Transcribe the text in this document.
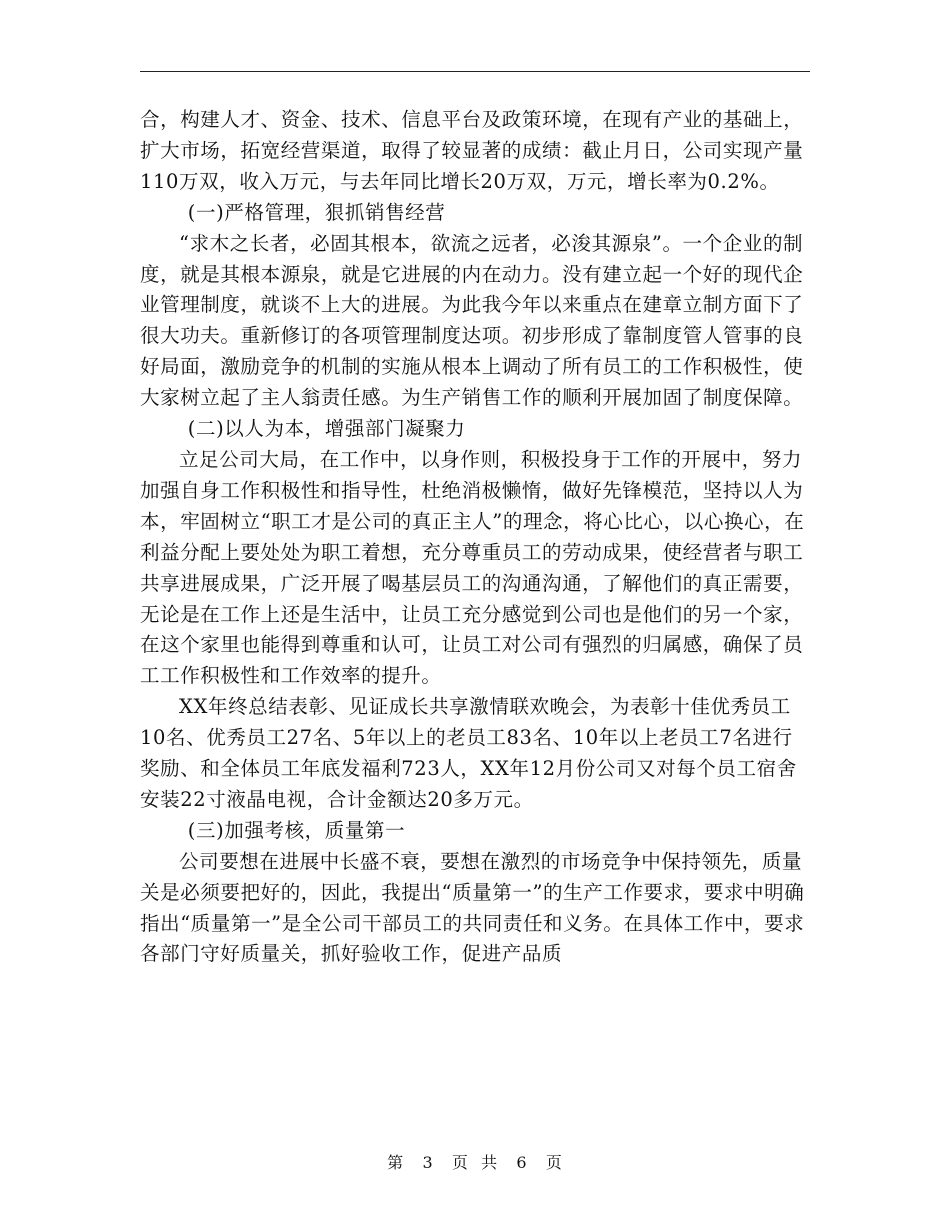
合，构建人才、资金、技术、信息平台及政策环境，在现有产业的基础上，扩大市场，拓宽经营渠道，取得了较显著的成绩：截止月日，公司实现产量110万双，收入万元，与去年同比增长20万双，万元，增长率为0.2%。

(一)严格管理，狠抓销售经营

“求木之长者，必固其根本，欲流之远者，必浚其源泉”。一个企业的制度，就是其根本源泉，就是它进展的内在动力。没有建立起一个好的现代企业管理制度，就谈不上大的进展。为此我今年以来重点在建章立制方面下了很大功夫。重新修订的各项管理制度达项。初步形成了靠制度管人管事的良好局面，激励竞争的机制的实施从根本上调动了所有员工的工作积极性，使大家树立起了主人翁责任感。为生产销售工作的顺利开展加固了制度保障。

(二)以人为本，增强部门凝聚力

立足公司大局，在工作中，以身作则，积极投身于工作的开展中，努力加强自身工作积极性和指导性，杜绝消极懒惰，做好先锋模范，坚持以人为本，牢固树立“职工才是公司的真正主人”的理念，将心比心，以心换心，在利益分配上要处处为职工着想，充分尊重员工的劳动成果，使经营者与职工共享进展成果，广泛开展了喝基层员工的沟通沟通，了解他们的真正需要，无论是在工作上还是生活中，让员工充分感觉到公司也是他们的另一个家，在这个家里也能得到尊重和认可，让员工对公司有强烈的归属感，确保了员工工作积极性和工作效率的提升。

XX年终总结表彰、见证成长共享激情联欢晚会，为表彰十佳优秀员工10名、优秀员工27名、5年以上的老员工83名、10年以上老员工7名进行奖励、和全体员工年底发福利723人，XX年12月份公司又对每个员工宿舍安装22寸液晶电视，合计金额达20多万元。

(三)加强考核，质量第一

公司要想在进展中长盛不衰，要想在激烈的市场竞争中保持领先，质量关是必须要把好的，因此，我提出“质量第一”的生产工作要求，要求中明确指出“质量第一”是全公司干部员工的共同责任和义务。在具体工作中，要求各部门守好质量关，抓好验收工作，促进产品质

第 3 页  共 6 页
